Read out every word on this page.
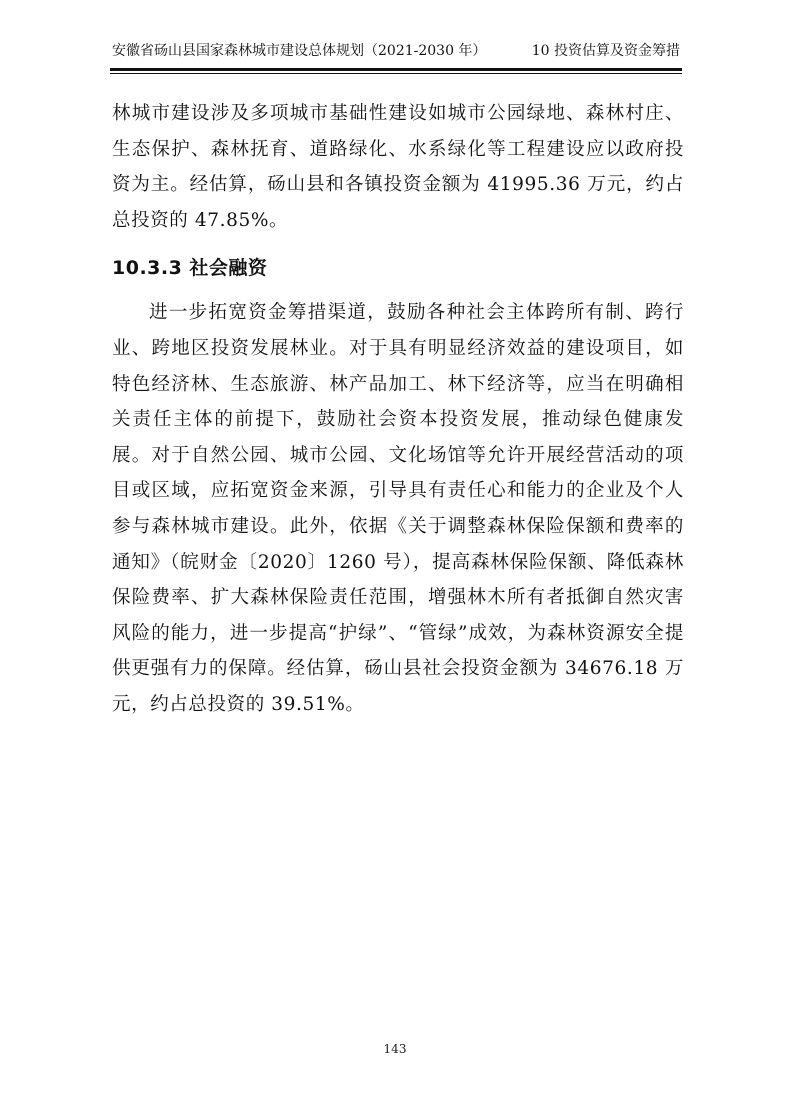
安徽省砀山县国家森林城市建设总体规划（2021-2030 年）	10 投资估算及资金筹措

林城市建设涉及多项城市基础性建设如城市公园绿地、森林村庄、生态保护、森林抚育、道路绿化、水系绿化等工程建设应以政府投资为主。经估算，砀山县和各镇投资金额为 41995.36 万元，约占总投资的 47.85%。

10.3.3 社会融资

进一步拓宽资金筹措渠道，鼓励各种社会主体跨所有制、跨行业、跨地区投资发展林业。对于具有明显经济效益的建设项目，如特色经济林、生态旅游、林产品加工、林下经济等，应当在明确相关责任主体的前提下，鼓励社会资本投资发展，推动绿色健康发展。对于自然公园、城市公园、文化场馆等允许开展经营活动的项目或区域，应拓宽资金来源，引导具有责任心和能力的企业及个人参与森林城市建设。此外，依据《关于调整森林保险保额和费率的通知》（皖财金〔2020〕1260 号），提高森林保险保额、降低森林保险费率、扩大森林保险责任范围，增强林木所有者抵御自然灾害风险的能力，进一步提高“护绿”、“管绿”成效，为森林资源安全提供更强有力的保障。经估算，砀山县社会投资金额为 34676.18 万元，约占总投资的 39.51%。

143
